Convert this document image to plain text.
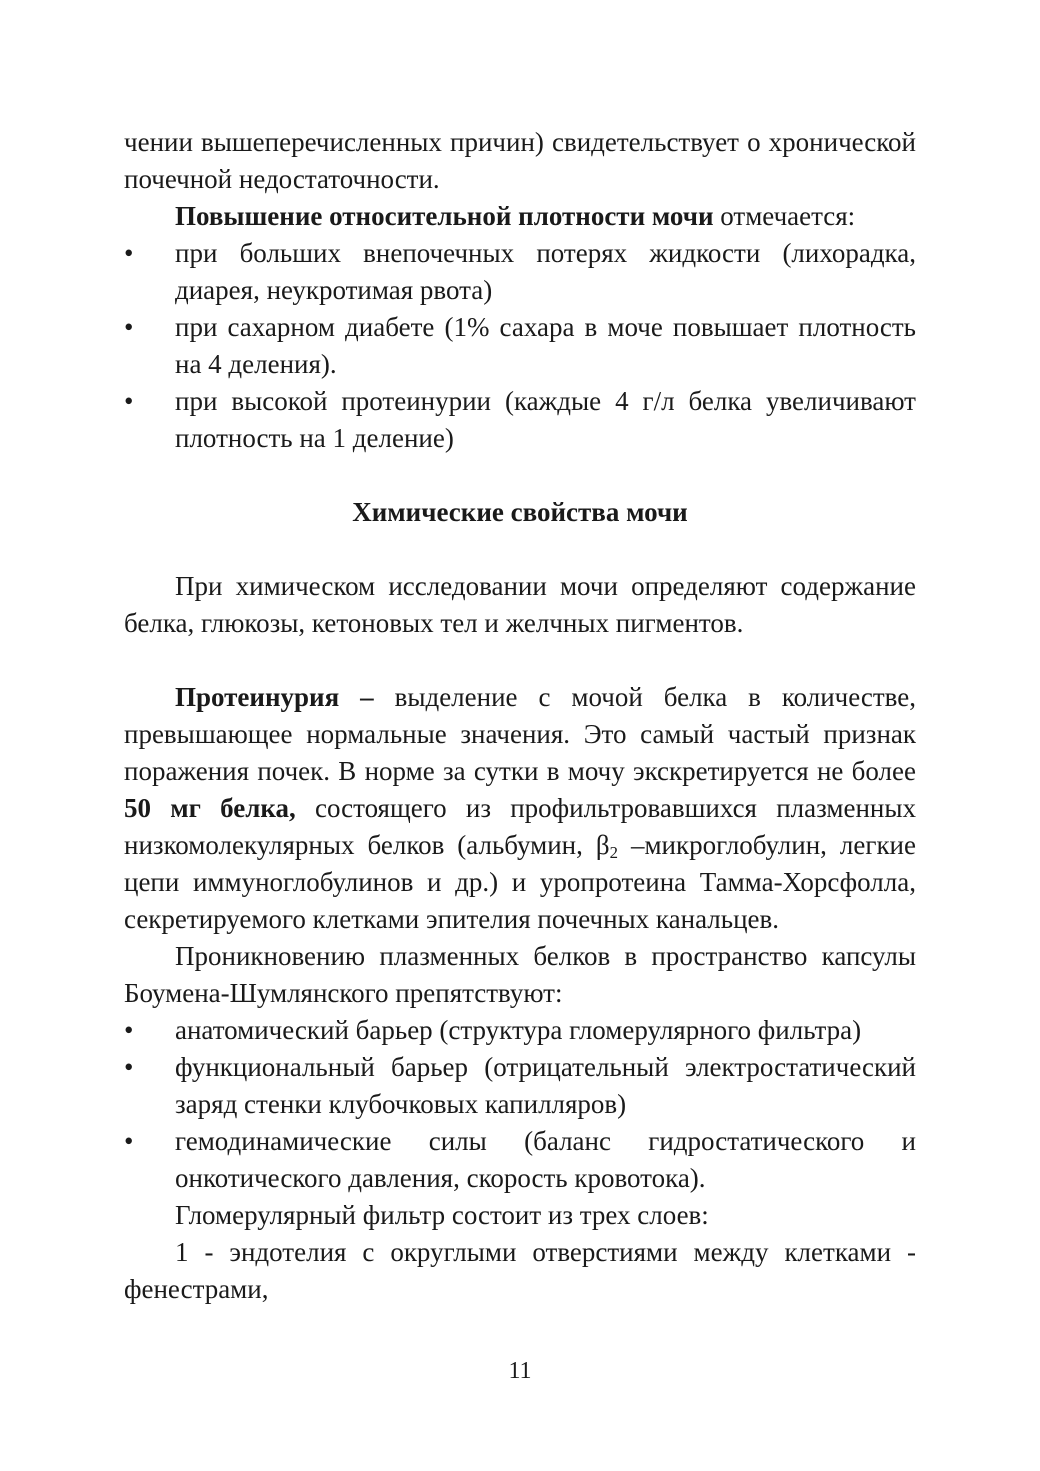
чении вышеперечисленных причин) свидетельствует о хронической почечной недостаточности.

Повышение относительной плотности мочи отмечается:

• при больших внепочечных потерях жидкости (лихорадка, диарея, неукротимая рвота)

• при сахарном диабете (1% сахара в моче повышает плотность на 4 деления).

• при высокой протеинурии (каждые 4 г/л белка увеличивают плотность на 1 деление)

Химические свойства мочи

При химическом исследовании мочи определяют содержание белка, глюкозы, кетоновых тел и желчных пигментов.

Протеинурия – выделение с мочой белка в количестве, превышающее нормальные значения. Это самый частый признак поражения почек. В норме за сутки в мочу экскретируется не более 50 мг белка, состоящего из профильтровавшихся плазменных низкомолекулярных белков (альбумин, $\beta_2$ –микроглобулин, легкие цепи иммуноглобулинов и др.) и уропротеина Тамма-Хорсфолла, секретируемого клетками эпителия почечных канальцев.

Проникновению плазменных белков в пространство капсулы Боумена-Шумлянского препятствуют:

• анатомический барьер (структура гломерулярного фильтра)

• функциональный барьер (отрицательный электростатический заряд стенки клубочковых капилляров)

• гемодинамические силы (баланс гидростатического и онкотического давления, скорость кровотока).

Гломерулярный фильтр состоит из трех слоев:

1 - эндотелия с округлыми отверстиями между клетками - фенестрами,

11
